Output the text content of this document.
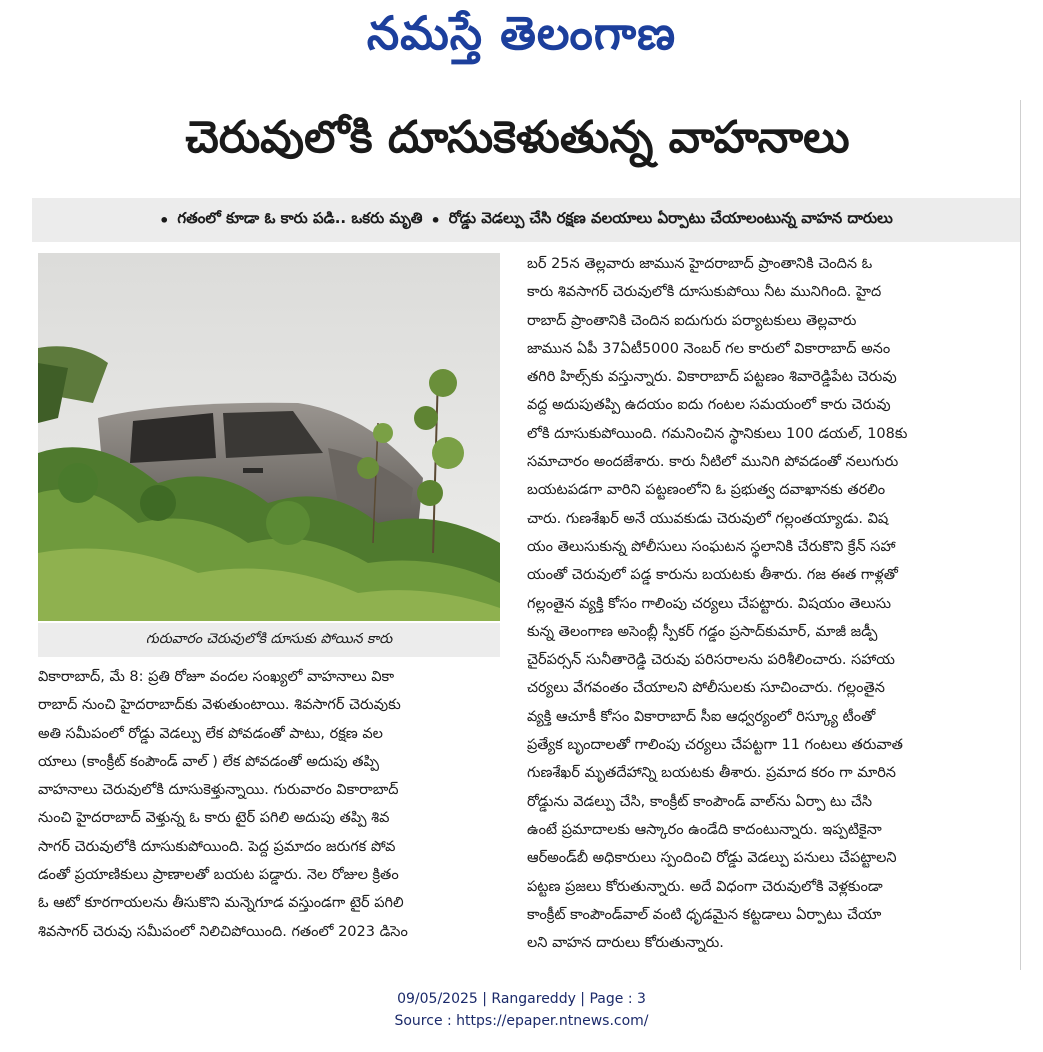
నమస్తే తెలంగాణ
చెరువులోకి దూసుకెళుతున్న వాహనాలు
• గతంలో కూడా ఓ కారు పడి.. ఒకరు మృతి • రోడ్డు వెడల్పు చేసి రక్షణ వలయాలు ఏర్పాటు చేయాలంటున్న వాహన దారులు
గురువారం చెరువులోకి దూసుకు పోయిన కారు

వికారాబాద్, మే 8: ప్రతి రోజూ వందల సంఖ్యలో వాహనాలు వికా

రాబాద్ నుంచి హైదరాబాద్‌కు వెళుతుంటాయి. శివసాగర్ చెరువుకు

అతి సమీపంలో రోడ్డు వెడల్పు లేక పోవడంతో పాటు, రక్షణ వల

యాలు (కాంక్రీట్ కంపౌండ్ వాల్ ) లేక పోవడంతో అదుపు తప్పి

వాహనాలు చెరువులోకి దూసుకెళ్తున్నాయి. గురువారం వికారాబాద్

నుంచి హైదరాబాద్ వెళ్తున్న ఓ కారు టైర్ పగిలి అదుపు తప్పి శివ

సాగర్ చెరువులోకి దూసుకుపోయింది. పెద్ద ప్రమాదం జరుగక పోవ

డంతో ప్రయాణికులు ప్రాణాలతో బయట పడ్డారు. నెల రోజుల క్రితం

ఓ ఆటో కూరగాయలను తీసుకొని మన్నెగూడ వస్తుండగా టైర్ పగిలి

శివసాగర్ చెరువు సమీపంలో నిలిచిపోయింది. గతంలో 2023 డిసెం

బర్ 25న తెల్లవారు జామున హైదరాబాద్ ప్రాంతానికి చెందిన ఓ

కారు శివసాగర్ చెరువులోకి దూసుకుపోయి నీట మునిగింది. హైద

రాబాద్ ప్రాంతానికి చెందిన ఐదుగురు పర్యాటకులు తెల్లవారు

జామున ఏపీ 37ఏటీ5000 నెంబర్ గల కారులో వికారాబాద్ అనం

తగిరి హిల్స్‌కు వస్తున్నారు. వికారాబాద్ పట్టణం శివారెడ్డిపేట చెరువు

వద్ద అదుపుతప్పి ఉదయం ఐదు గంటల సమయంలో కారు చెరువు

లోకి దూసుకుపోయింది. గమనించిన స్థానికులు 100 డయల్, 108కు

సమాచారం అందజేశారు. కారు నీటిలో మునిగి పోవడంతో నలుగురు

బయటపడగా వారిని పట్టణంలోని ఓ ప్రభుత్వ దవాఖానకు తరలిం

చారు. గుణశేఖర్ అనే యువకుడు చెరువులో గల్లంతయ్యాడు. విష

యం తెలుసుకున్న పోలీసులు సంఘటన స్థలానికి చేరుకొని క్రేన్ సహా

యంతో చెరువులో పడ్డ కారును బయటకు తీశారు. గజ ఈత గాళ్లతో

గల్లంతైన వ్యక్తి కోసం గాలింపు చర్యలు చేపట్టారు. విషయం తెలుసు

కున్న తెలంగాణ అసెంబ్లీ స్పీకర్ గడ్డం ప్రసాద్‌కుమార్, మాజీ జడ్పీ

చైర్‌పర్సన్ సునీతారెడ్డి చెరువు పరిసరాలను పరిశీలించారు. సహాయ

చర్యలు వేగవంతం చేయాలని పోలీసులకు సూచించారు. గల్లంతైన

వ్యక్తి ఆచూకీ కోసం వికారాబాద్ సీఐ ఆధ్వర్యంలో రిస్క్యూ టీంతో

ప్రత్యేక బృందాలతో గాలింపు చర్యలు చేపట్టగా 11 గంటలు తరువాత

గుణశేఖర్ మృతదేహాన్ని బయటకు తీశారు. ప్రమాద కరం గా మారిన

రోడ్డును వెడల్పు చేసి, కాంక్రీట్ కాంపౌండ్ వాల్‌ను ఏర్పా టు చేసి

ఉంటే ప్రమాదాలకు ఆస్కారం ఉండేది కాదంటున్నారు. ఇప్పటికైనా

ఆర్‌అండ్‌బీ అధికారులు స్పందించి రోడ్డు వెడల్పు పనులు చేపట్టాలని

పట్టణ ప్రజలు కోరుతున్నారు. అదే విధంగా చెరువులోకి వెళ్లకుండా

కాంక్రీట్ కాంపౌండ్‌వాల్ వంటి ధృడమైన కట్టడాలు ఏర్పాటు చేయా

లని వాహన దారులు కోరుతున్నారు.

09/05/2025 | Rangareddy | Page : 3
Source : https://epaper.ntnews.com/
